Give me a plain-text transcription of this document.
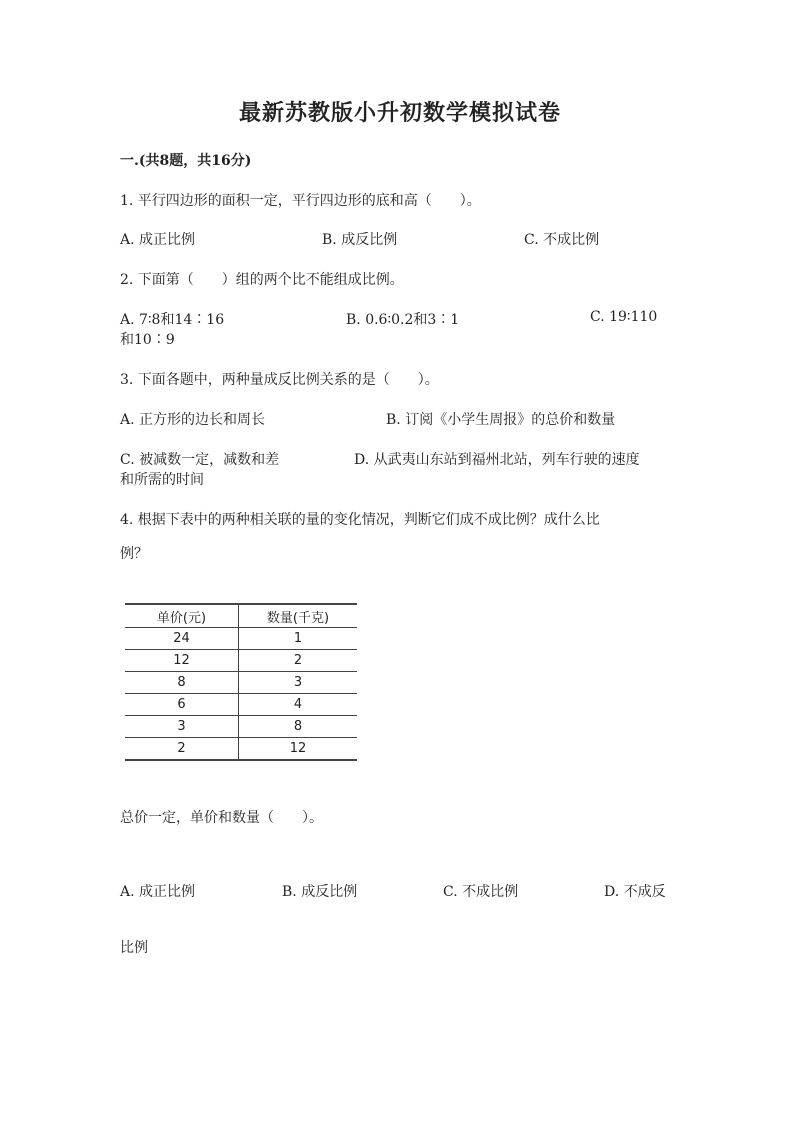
最新苏教版小升初数学模拟试卷
一.(共8题，共16分)
1. 平行四边形的面积一定，平行四边形的底和高（　　）。
A. 成正比例	B. 成反比例	C. 不成比例
2. 下面第（　　）组的两个比不能组成比例。
A. 7∶8和14∶16	B. 0.6∶0.2和3∶1	C. 19∶110
和10∶9
3. 下面各题中，两种量成反比例关系的是（　　）。
A. 正方形的边长和周长	B. 订阅《小学生周报》的总价和数量
C. 被减数一定，减数和差	D. 从武夷山东站到福州北站，列车行驶的速度
和所需的时间
4. 根据下表中的两种相关联的量的变化情况，判断它们成不成比例？成什么比
例？
单价(元)	数量(千克)
24	1
12	2
8	3
6	4
3	8
2	12
总价一定，单价和数量（　　）。
A. 成正比例	B. 成反比例	C. 不成比例	D. 不成反
比例
